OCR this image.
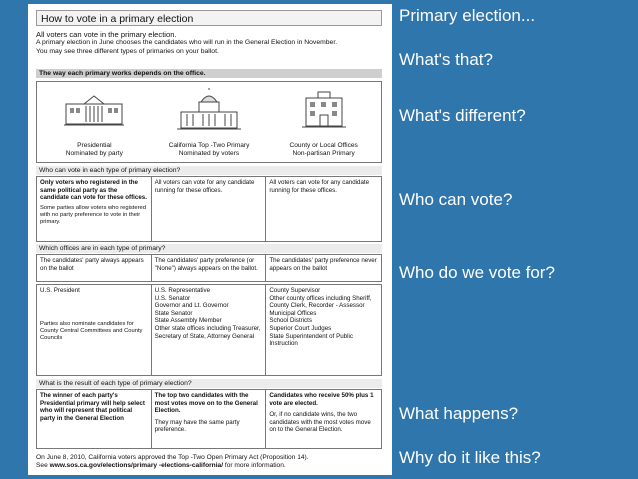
How to vote in a primary election
All voters can vote in the primary election.
A primary election in June chooses the candidates who will run in the General Election in November.
You may see three different types of primaries on your ballot.
The way each primary works depends on the office.
Presidential
Nominated by party
California Top -Two Primary
Nominated by voters
County or Local Offices
Non-partisan Primary
Who can vote in each type of primary election?
Only voters who registered in the same political party as the candidate can vote for these offices.
Some parties allow voters who registered with no party preference to vote in their primary.
All voters can vote for any candidate running for these offices.
All voters can vote for any candidate running for these offices.
Which offices are in each type of primary?
The candidates' party always appears on the ballot
The candidates' party preference (or "None") always appears on the ballot.
The candidates' party preference never appears on the ballot
U.S. President
Parties also nominate candidates for County Central Committees and County Councils
U.S. Representative
U.S. Senator
Governor and Lt. Governor
State Senator
State Assembly Member
Other state offices including Treasurer, Secretary of State, Attorney General
County Supervisor
Other county offices including Sheriff, County Clerk, Recorder - Assessor
Municipal Offices
School Districts
Superior Court Judges
State Superintendent of Public Instruction
What is the result of each type of primary election?
The winner of each party's Presidential primary will help select who will represent that political party in the General Election
The top two candidates with the most votes move on to the General Election.
They may have the same party preference.
Candidates who receive 50% plus 1 vote are elected.
Or, if no candidate wins, the two candidates with the most votes move on to the General Election.
On June 8, 2010, California voters approved the Top -Two Open Primary Act (Proposition 14).
See www.sos.ca.gov/elections/primary -elections-california/ for more information.
Primary election...
What's that?
What's different?
Who can vote?
Who do we vote for?
What happens?
Why do it like this?
